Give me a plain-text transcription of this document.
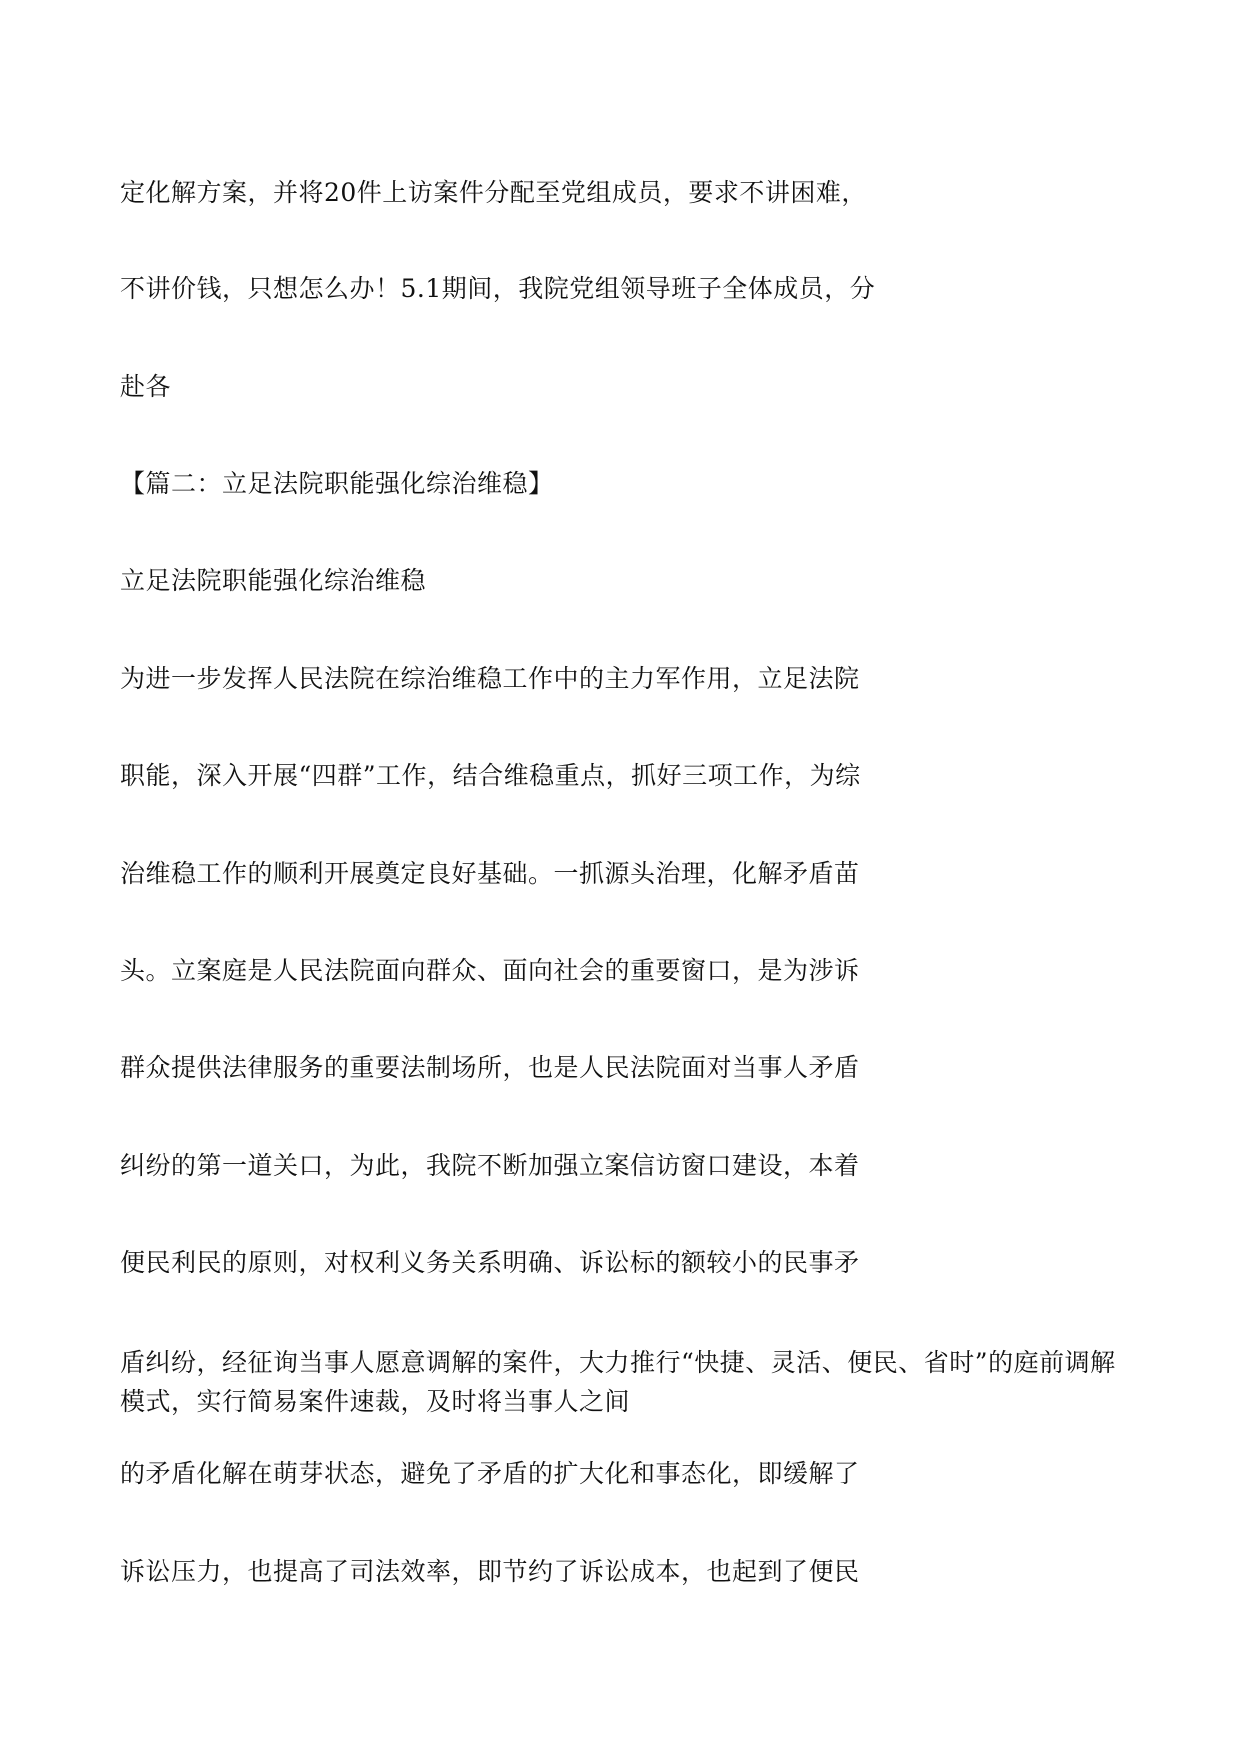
定化解方案，并将20件上访案件分配至党组成员，要求不讲困难，
不讲价钱，只想怎么办！5.1期间，我院党组领导班子全体成员，分
赴各
【篇二：立足法院职能强化综治维稳】
立足法院职能强化综治维稳
为进一步发挥人民法院在综治维稳工作中的主力军作用，立足法院
职能，深入开展“四群”工作，结合维稳重点，抓好三项工作，为综
治维稳工作的顺利开展奠定良好基础。一抓源头治理，化解矛盾苗
头。立案庭是人民法院面向群众、面向社会的重要窗口，是为涉诉
群众提供法律服务的重要法制场所，也是人民法院面对当事人矛盾
纠纷的第一道关口，为此，我院不断加强立案信访窗口建设，本着
便民利民的原则，对权利义务关系明确、诉讼标的额较小的民事矛
盾纠纷，经征询当事人愿意调解的案件，大力推行“快捷、灵活、便民、省时”的庭前调解模式，实行简易案件速裁，及时将当事人之间
的矛盾化解在萌芽状态，避免了矛盾的扩大化和事态化，即缓解了
诉讼压力，也提高了司法效率，即节约了诉讼成本，也起到了便民
